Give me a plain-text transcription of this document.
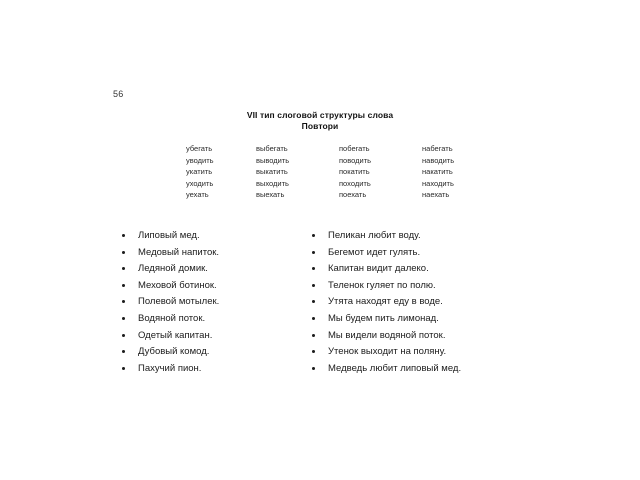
56
VII тип слоговой структуры слова
Повтори
убегать	выбегать	побегать	набегать
уводить	выводить	поводить	наводить
укатить	выкатить	покатить	накатить
уходить	выходить	походить	находить
уехать	выехать	поехать	наехать
Липовый мед.
Медовый напиток.
Ледяной домик.
Меховой ботинок.
Полевой мотылек.
Водяной поток.
Одетый капитан.
Дубовый комод.
Пахучий пион.
Пеликан любит воду.
Бегемот идет гулять.
Капитан видит далеко.
Теленок гуляет по полю.
Утята находят еду в воде.
Мы будем пить лимонад.
Мы видели водяной поток.
Утенок выходит на поляну.
Медведь любит липовый мед.
